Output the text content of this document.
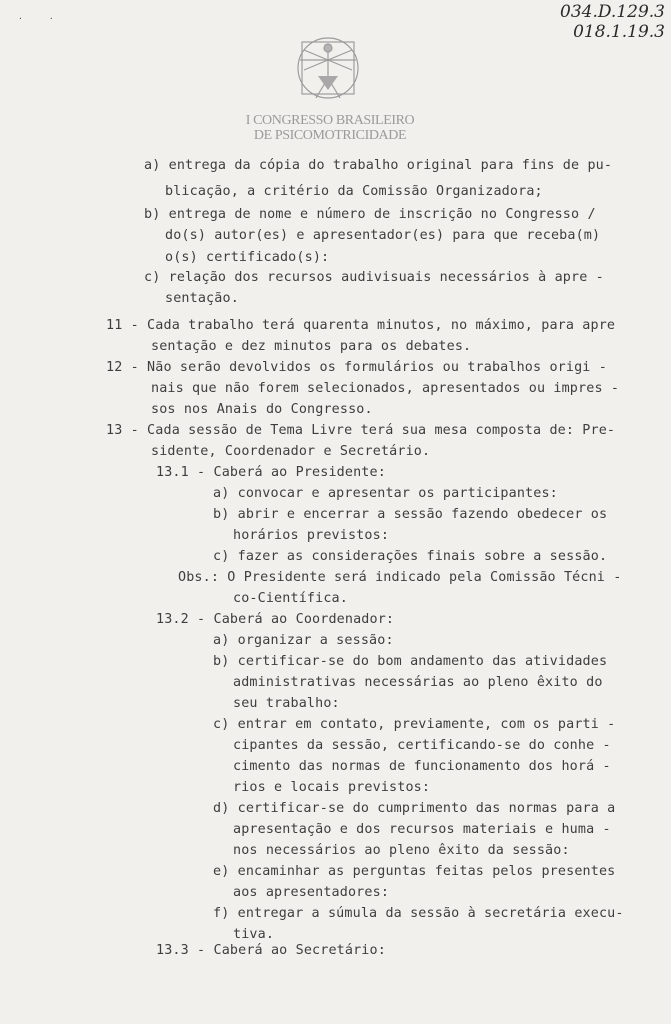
··	034.D.129.3
018.1.19.3
I CONGRESSO BRASILEIRO
DE PSICOMOTRICIDADE
a) entrega da cópia do trabalho original para fins de pu-
blicação, a critério da Comissão Organizadora;
b) entrega de nome e número de inscrição no Congresso /
do(s) autor(es) e apresentador(es) para que receba(m)
o(s) certificado(s):
c) relação dos recursos audivisuais necessários à apre -
sentação.
11 - Cada trabalho terá quarenta minutos, no máximo, para apre
sentação e dez minutos para os debates.
12 - Não serão devolvidos os formulários ou trabalhos origi -
nais que não forem selecionados, apresentados ou impres -
sos nos Anais do Congresso.
13 - Cada sessão de Tema Livre terá sua mesa composta de: Pre-
sidente, Coordenador e Secretário.
13.1 - Caberá ao Presidente:
a) convocar e apresentar os participantes:
b) abrir e encerrar a sessão fazendo obedecer os
horários previstos:
c) fazer as considerações finais sobre a sessão.
Obs.: O Presidente será indicado pela Comissão Técni -
co-Científica.
13.2 - Caberá ao Coordenador:
a) organizar a sessão:
b) certificar-se do bom andamento das atividades
administrativas necessárias ao pleno êxito do
seu trabalho:
c) entrar em contato, previamente, com os parti -
cipantes da sessão, certificando-se do conhe -
cimento das normas de funcionamento dos horá -
rios e locais previstos:
d) certificar-se do cumprimento das normas para a
apresentação e dos recursos materiais e huma -
nos necessários ao pleno êxito da sessão:
e) encaminhar as perguntas feitas pelos presentes
aos apresentadores:
f) entregar a súmula da sessão à secretária execu-
tiva.
13.3 - Caberá ao Secretário:
